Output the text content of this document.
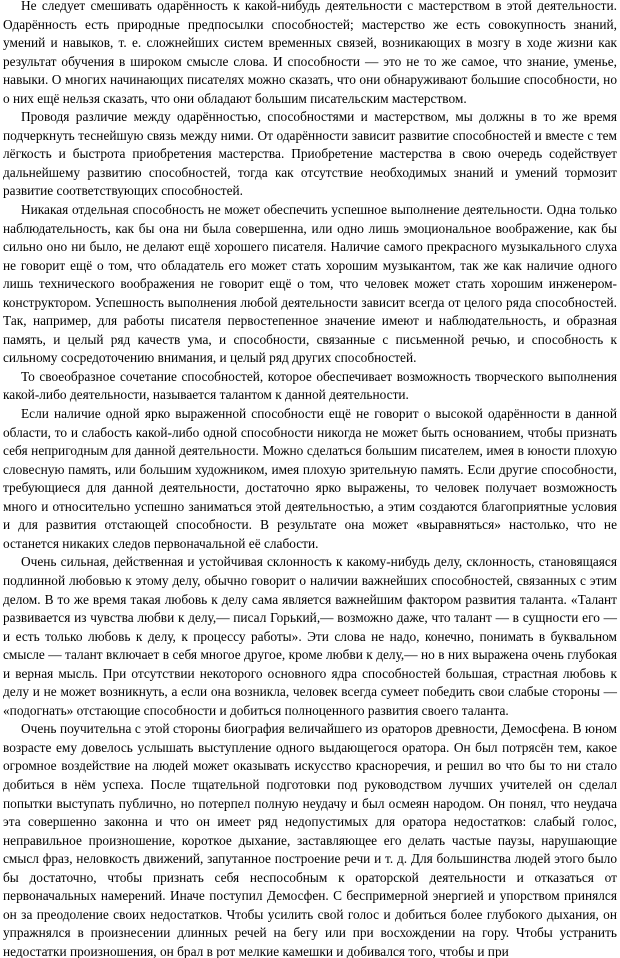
Не следует смешивать одарённость к какой-нибудь деятельности с мастерством в этой деятельности. Одарённость есть природные предпосылки способностей; мастерство же есть совокупность знаний, умений и навыков, т. е. сложнейших систем временных связей, возникающих в мозгу в ходе жизни как результат обучения в широком смысле слова. И способности — это не то же самое, что знание, уменье, навыки. О многих начинающих писателях можно сказать, что они обнаруживают большие способности, но о них ещё нельзя сказать, что они обладают большим писательским мастерством.

Проводя различие между одарённостью, способностями и мастерством, мы должны в то же время подчеркнуть теснейшую связь между ними. От одарённости зависит развитие способностей и вместе с тем лёгкость и быстрота приобретения мастерства. Приобретение мастерства в свою очередь содействует дальнейшему развитию способностей, тогда как отсутствие необходимых знаний и умений тормозит развитие соответствующих способностей.

Никакая отдельная способность не может обеспечить успешное выполнение деятельности. Одна только наблюдательность, как бы она ни была совершенна, или одно лишь эмоциональное воображение, как бы сильно оно ни было, не делают ещё хорошего писателя. Наличие самого прекрасного музыкального слуха не говорит ещё о том, что обладатель его может стать хорошим музыкантом, так же как наличие одного лишь технического воображения не говорит ещё о том, что человек может стать хорошим инженером-конструктором. Успешность выполнения любой деятельности зависит всегда от целого ряда способностей. Так, например, для работы писателя первостепенное значение имеют и наблюдательность, и образная память, и целый ряд качеств ума, и способности, связанные с письменной речью, и способность к сильному сосредоточению внимания, и целый ряд других способностей.

То своеобразное сочетание способностей, которое обеспечивает возможность творческого выполнения какой-либо деятельности, называется талантом к данной деятельности.

Если наличие одной ярко выраженной способности ещё не говорит о высокой одарённости в данной области, то и слабость какой-либо одной способности никогда не может быть основанием, чтобы признать себя непригодным для данной деятельности. Можно сделаться большим писателем, имея в юности плохую словесную память, или большим художником, имея плохую зрительную память. Если другие способности, требующиеся для данной деятельности, достаточно ярко выражены, то человек получает возможность много и относительно успешно заниматься этой деятельностью, а этим создаются благоприятные условия и для развития отстающей способности. В результате она может «выравняться» настолько, что не останется никаких следов первоначальной её слабости.

Очень сильная, действенная и устойчивая склонность к какому-нибудь делу, склонность, становящаяся подлинной любовью к этому делу, обычно говорит о наличии важнейших способностей, связанных с этим делом. В то же время такая любовь к делу сама является важнейшим фактором развития таланта. «Талант развивается из чувства любви к делу,— писал Горький,— возможно даже, что талант — в сущности его — и есть только любовь к делу, к процессу работы». Эти слова не надо, конечно, понимать в буквальном смысле — талант включает в себя многое другое, кроме любви к делу,— но в них выражена очень глубокая и верная мысль. При отсутствии некоторого основного ядра способностей большая, страстная любовь к делу и не может возникнуть, а если она возникла, человек всегда сумеет победить свои слабые стороны — «подогнать» отстающие способности и добиться полноценного развития своего таланта.

Очень поучительна с этой стороны биография величайшего из ораторов древности, Демосфена. В юном возрасте ему довелось услышать выступление одного выдающегося оратора. Он был потрясён тем, какое огромное воздействие на людей может оказывать искусство красноречия, и решил во что бы то ни стало добиться в нём успеха. После тщательной подготовки под руководством лучших учителей он сделал попытки выступать публично, но потерпел полную неудачу и был осмеян народом. Он понял, что неудача эта совершенно законна и что он имеет ряд недопустимых для оратора недостатков: слабый голос, неправильное произношение, короткое дыхание, заставляющее его делать частые паузы, нарушающие смысл фраз, неловкость движений, запутанное построение речи и т. д. Для большинства людей этого было бы достаточно, чтобы признать себя неспособным к ораторской деятельности и отказаться от первоначальных намерений. Иначе поступил Демосфен. С беспримерной энергией и упорством принялся он за преодоление своих недостатков. Чтобы усилить свой голос и добиться более глубокого дыхания, он упражнялся в произнесении длинных речей на бегу или при восхождении на гору. Чтобы устранить недостатки произношения, он брал в рот мелкие камешки и добивался того, чтобы и при
